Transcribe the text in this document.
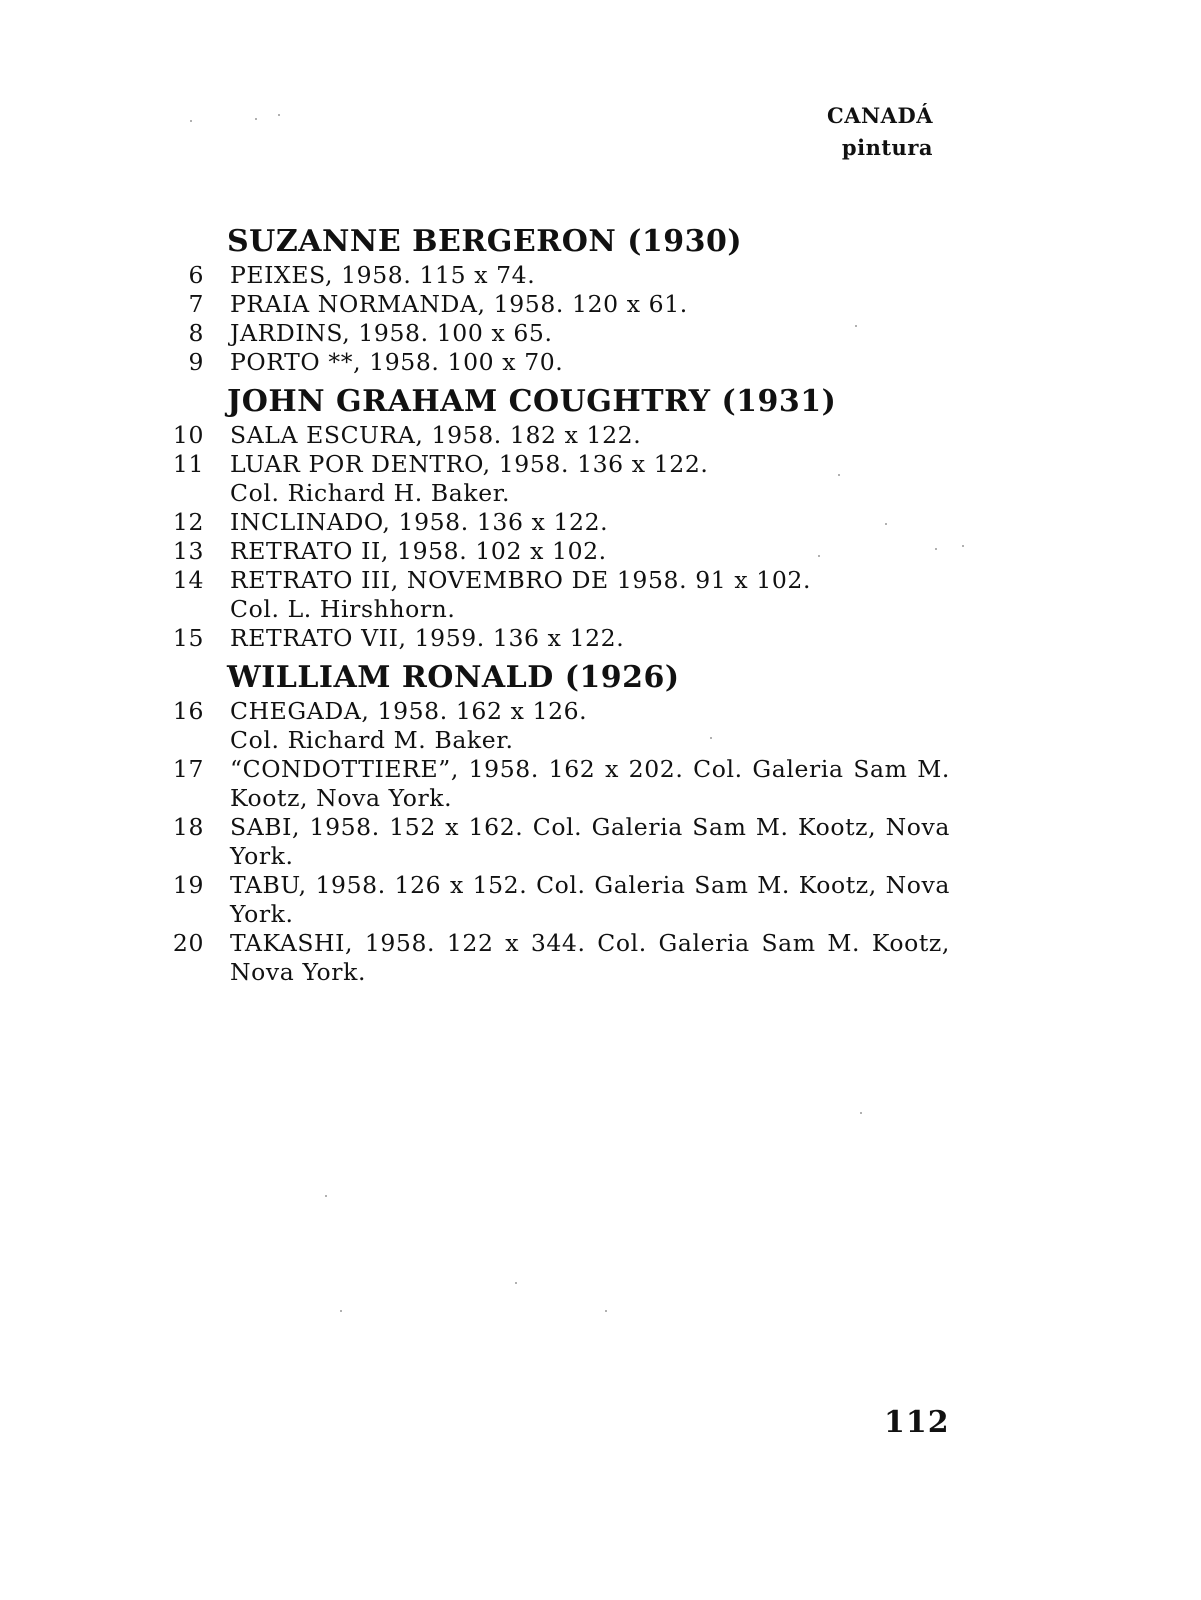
CANADÁ
pintura
SUZANNE BERGERON (1930)
6 PEIXES, 1958. 115 x 74.
7 PRAIA NORMANDA, 1958. 120 x 61.
8 JARDINS, 1958. 100 x 65.
9 PORTO **, 1958. 100 x 70.
JOHN GRAHAM COUGHTRY (1931)
10 SALA ESCURA, 1958. 182 x 122.
11 LUAR POR DENTRO, 1958. 136 x 122.
Col. Richard H. Baker.
12 INCLINADO, 1958. 136 x 122.
13 RETRATO II, 1958. 102 x 102.
14 RETRATO III, NOVEMBRO DE 1958. 91 x 102.
Col. L. Hirshhorn.
15 RETRATO VII, 1959. 136 x 122.
WILLIAM RONALD (1926)
16 CHEGADA, 1958. 162 x 126.
Col. Richard M. Baker.
17 “CONDOTTIERE”, 1958. 162 x 202. Col. Galeria Sam M. Kootz, Nova York.
18 SABI, 1958. 152 x 162. Col. Galeria Sam M. Kootz, Nova York.
19 TABU, 1958. 126 x 152. Col. Galeria Sam M. Kootz, Nova York.
20 TAKASHI, 1958. 122 x 344. Col. Galeria Sam M. Kootz, Nova York.
112
